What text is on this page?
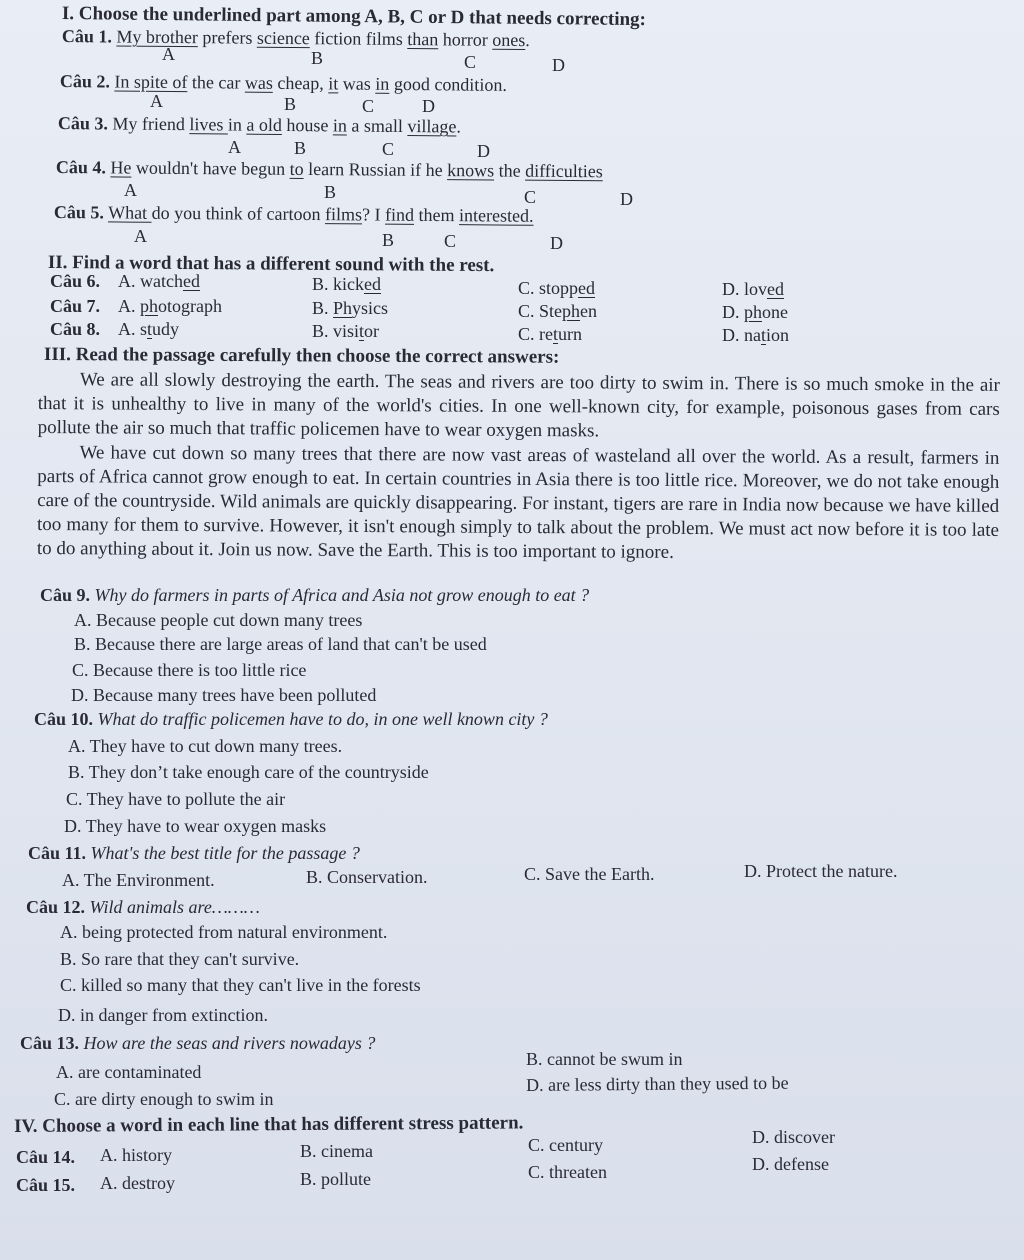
I. Choose the underlined part among A, B, C or D that needs correcting:
Câu 1. My brother prefers science fiction films than horror ones.
A	B	C	D
Câu 2. In spite of the car was cheap, it was in good condition.
A	B	C	D
Câu 3. My friend lives in a old house in a small village.
A	B	C	D
Câu 4. He wouldn't have begun to learn Russian if he knows the difficulties
A	B	C	D
Câu 5. What do you think of cartoon films? I find them interested.
A	B	C	D
II. Find a word that has a different sound with the rest.
Câu 6. A. watched	B. kicked	C. stopped	D. loved
Câu 7. A. photograph	B. Physics	C. Stephen	D. phone
Câu 8. A. study	B. visitor	C. return	D. nation
III. Read the passage carefully then choose the correct answers:

We are all slowly destroying the earth. The seas and rivers are too dirty to swim in. There is so much smoke in the air that it is unhealthy to live in many of the world's cities. In one well-known city, for example, poisonous gases from cars pollute the air so much that traffic policemen have to wear oxygen masks.

We have cut down so many trees that there are now vast areas of wasteland all over the world. As a result, farmers in parts of Africa cannot grow enough to eat. In certain countries in Asia there is too little rice. Moreover, we do not take enough care of the countryside. Wild animals are quickly disappearing. For instant, tigers are rare in India now because we have killed too many for them to survive. However, it isn't enough simply to talk about the problem. We must act now before it is too late to do anything about it. Join us now. Save the Earth. This is too important to ignore.

Câu 9. Why do farmers in parts of Africa and Asia not grow enough to eat ?
A. Because people cut down many trees
B. Because there are large areas of land that can't be used
C. Because there is too little rice
D. Because many trees have been polluted
Câu 10. What do traffic policemen have to do, in one well known city ?
A. They have to cut down many trees.
B. They don’t take enough care of the countryside
C. They have to pollute the air
D. They have to wear oxygen masks
Câu 11. What's the best title for the passage ?
A. The Environment.	B. Conservation.	C. Save the Earth.	D. Protect the nature.
Câu 12. Wild animals are………
A. being protected from natural environment.
B. So rare that they can't survive.
C. killed so many that they can't live in the forests
D. in danger from extinction.
Câu 13. How are the seas and rivers nowadays ?
A. are contaminated
B. cannot be swum in
C. are dirty enough to swim in
D. are less dirty than they used to be
IV. Choose a word in each line that has different stress pattern.
Câu 14. A. history	B. cinema	C. century	D. discover
Câu 15. A. destroy	B. pollute	C. threaten	D. defense
